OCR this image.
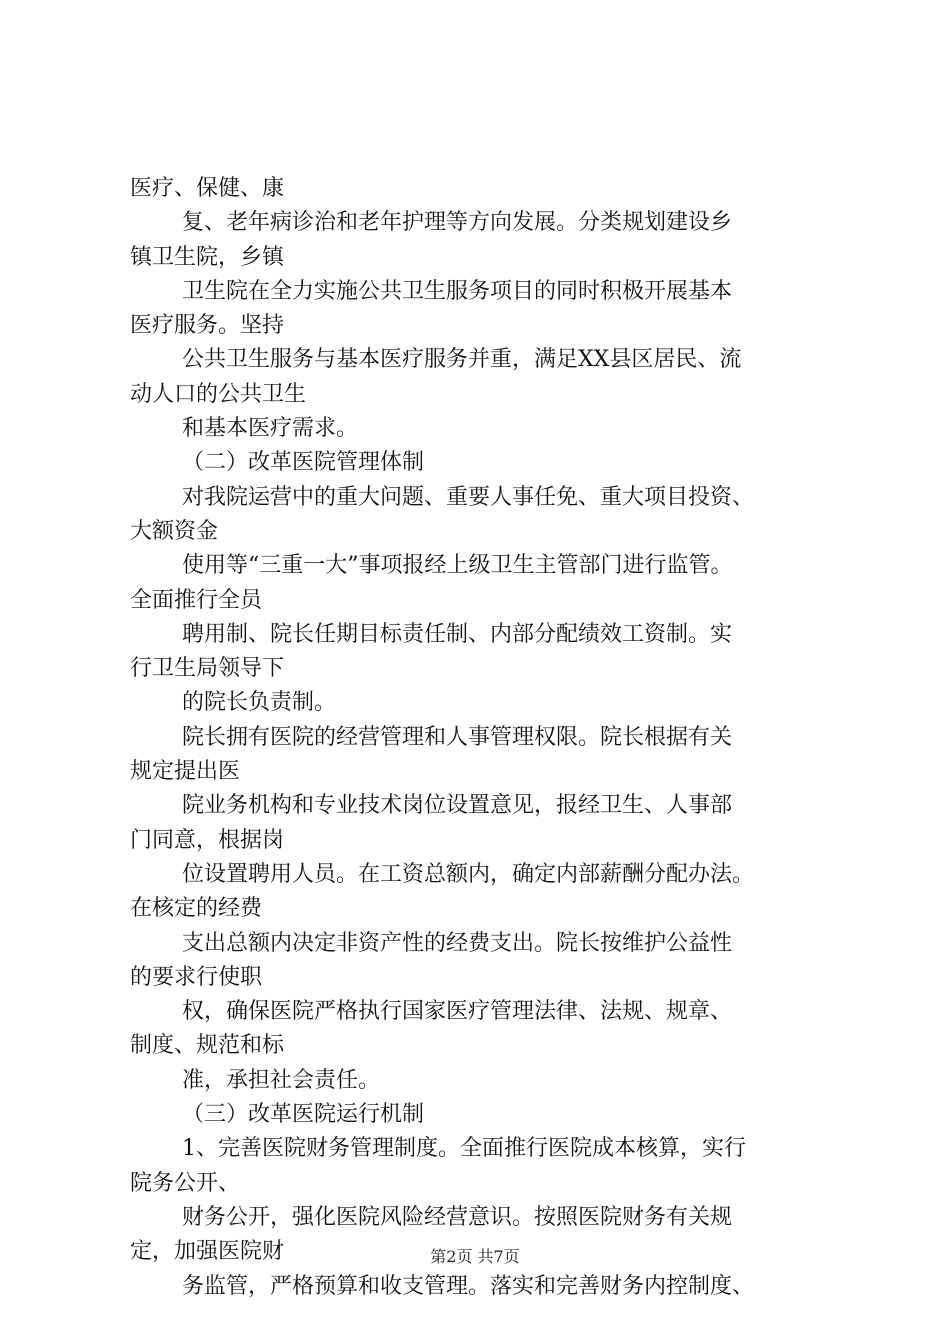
医疗、保健、康
复、老年病诊治和老年护理等方向发展。分类规划建设乡
镇卫生院，乡镇
卫生院在全力实施公共卫生服务项目的同时积极开展基本
医疗服务。坚持
公共卫生服务与基本医疗服务并重，满足XX县区居民、流
动人口的公共卫生
和基本医疗需求。
（二）改革医院管理体制
对我院运营中的重大问题、重要人事任免、重大项目投资、
大额资金
使用等“三重一大”事项报经上级卫生主管部门进行监管。
全面推行全员
聘用制、院长任期目标责任制、内部分配绩效工资制。实
行卫生局领导下
的院长负责制。
院长拥有医院的经营管理和人事管理权限。院长根据有关
规定提出医
院业务机构和专业技术岗位设置意见，报经卫生、人事部
门同意，根据岗
位设置聘用人员。在工资总额内，确定内部薪酬分配办法。
在核定的经费
支出总额内决定非资产性的经费支出。院长按维护公益性
的要求行使职
权，确保医院严格执行国家医疗管理法律、法规、规章、
制度、规范和标
准，承担社会责任。
（三）改革医院运行机制
1、完善医院财务管理制度。全面推行医院成本核算，实行
院务公开、
财务公开，强化医院风险经营意识。按照医院财务有关规
定，加强医院财
务监管，严格预算和收支管理。落实和完善财务内控制度、
第2页 共7页
